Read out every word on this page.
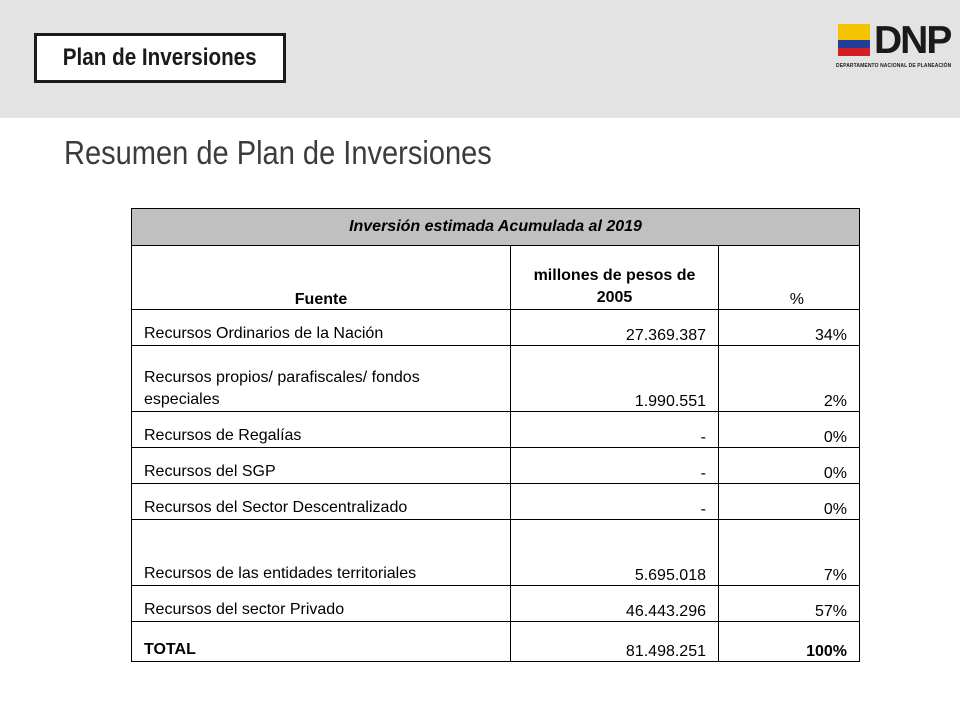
Plan de Inversiones	DNP
DEPARTAMENTO NACIONAL DE PLANEACIÓN
Resumen de Plan de Inversiones
Inversión estimada Acumulada al 2019		
Fuente	millones de pesos de 2005	%
Recursos Ordinarios de la Nación	27.369.387	34%
Recursos propios/ parafiscales/ fondos especiales	1.990.551	2%
Recursos de Regalías	-	0%
Recursos del SGP	-	0%
Recursos del Sector Descentralizado	-	0%
Recursos de las entidades territoriales	5.695.018	7%
Recursos del sector Privado	46.443.296	57%
TOTAL	81.498.251	100%
